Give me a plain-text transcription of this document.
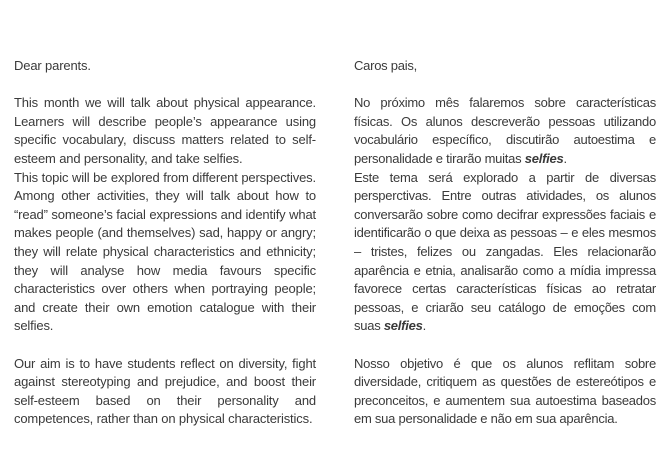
Dear parents.

This month we will talk about physical appearance. Learners will describe people’s appearance using specific vocabulary, discuss matters related to self-esteem and personality, and take selfies.

This topic will be explored from different perspectives. Among other activities, they will talk about how to “read” someone’s facial expressions and identify what makes people (and themselves) sad, happy or angry; they will relate physical characteristics and ethnicity; they will analyse how media favours specific characteristics over others when portraying people; and create their own emotion catalogue with their selfies.

Our aim is to have students reflect on diversity, fight against stereotyping and prejudice, and boost their self-esteem based on their personality and competences, rather than on physical characteristics.

Caros pais,

No próximo mês falaremos sobre características físicas. Os alunos descreverão pessoas utilizando vocabulário específico, discutirão autoestima e personalidade e tirarão muitas selfies.

Este tema será explorado a partir de diversas persperctivas. Entre outras atividades, os alunos conversarão sobre como decifrar expressões faciais e identificarão o que deixa as pessoas – e eles mesmos – tristes, felizes ou zangadas. Eles relacionarão aparência e etnia, analisarão como a mídia impressa favorece certas características físicas ao retratar pessoas, e criarão seu catálogo de emoções com suas selfies.

Nosso objetivo é que os alunos reflitam sobre diversidade, critiquem as questões de estereótipos e preconceitos, e aumentem sua autoestima baseados em sua personalidade e não em sua aparência.
